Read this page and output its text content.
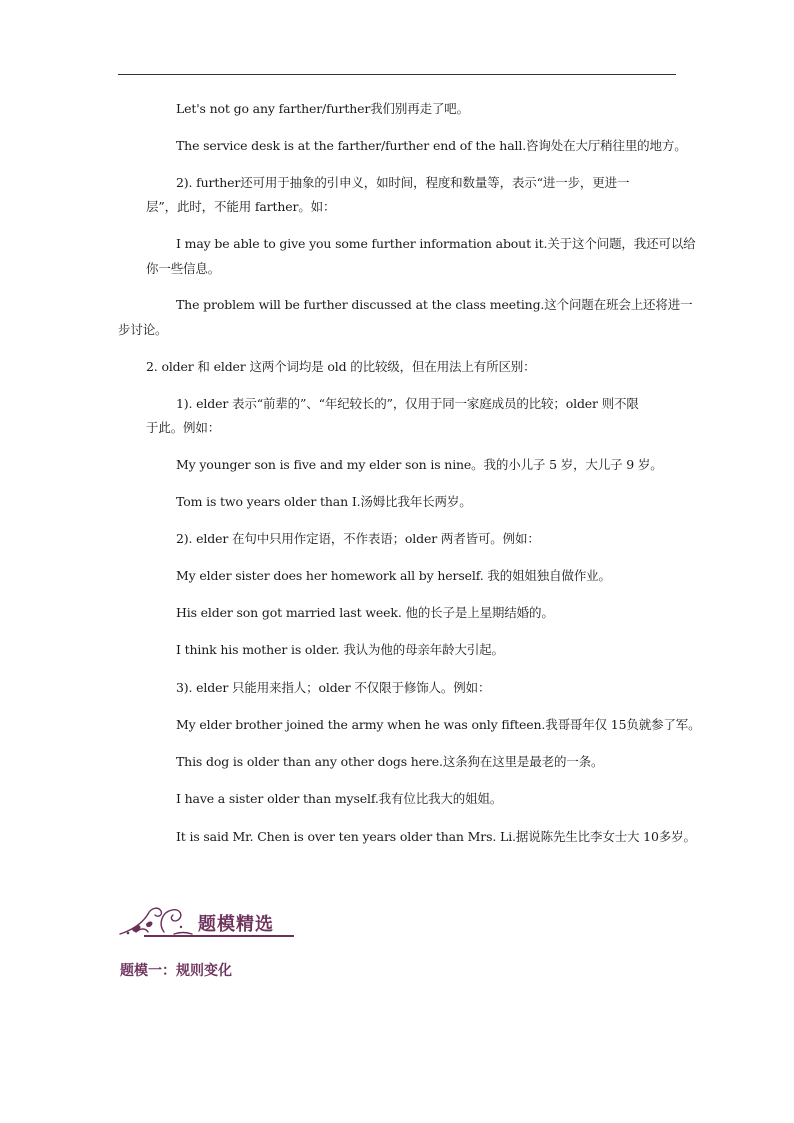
Let's not go any farther/further我们别再走了吧。
The service desk is at the farther/further end of the hall.咨询处在大厅稍往里的地方。
2). further还可用于抽象的引申义，如时间，程度和数量等，表示“进一步，更进一
层”，此时，不能用 farther。如：
I may be able to give you some further information about it.关于这个问题，我还可以给
你一些信息。
The problem will be further discussed at the class meeting.这个问题在班会上还将进一
步讨论。
2. older 和 elder 这两个词均是 old 的比较级，但在用法上有所区别：
1). elder 表示“前辈的”、“年纪较长的”，仅用于同一家庭成员的比较；older 则不限
于此。例如：
My younger son is five and my elder son is nine。我的小儿子 5 岁，大儿子 9 岁。
Tom is two years older than I.汤姆比我年长两岁。
2). elder 在句中只用作定语，不作表语；older 两者皆可。例如：
My elder sister does her homework all by herself. 我的姐姐独自做作业。
His elder son got married last week. 他的长子是上星期结婚的。
I think his mother is older. 我认为他的母亲年龄大引起。
3). elder 只能用来指人；older 不仅限于修饰人。例如：
My elder brother joined the army when he was only fifteen.我哥哥年仅 15负就参了军。
This dog is older than any other dogs here.这条狗在这里是最老的一条。
I have a sister older than myself.我有位比我大的姐姐。
It is said Mr. Chen is over ten years older than Mrs. Li.据说陈先生比李女士大 10多岁。
题模精选
题模一：规则变化
